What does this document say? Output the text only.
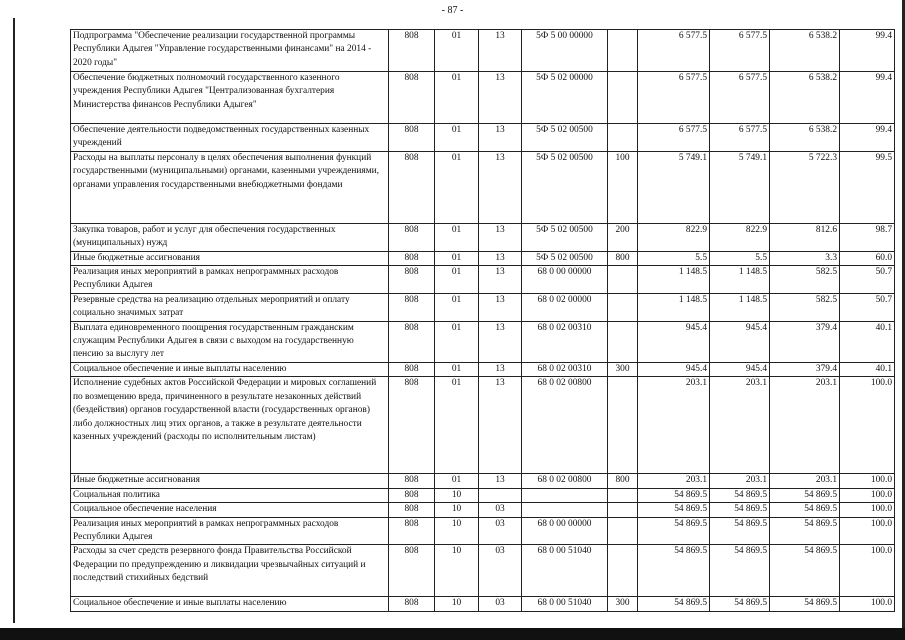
- 87 -
Подпрограмма "Обеспечение реализации государственной программы Республики Адыгея "Управление государственными финансами" на 2014 - 2020 годы"	808	01	13	5Ф 5 00 00000		6 577.5	6 577.5	6 538.2	99.4
Обеспечение бюджетных полномочий государственного казенного учреждения Республики Адыгея "Централизованная бухгалтерия Министерства финансов Республики Адыгея"	808	01	13	5Ф 5 02 00000		6 577.5	6 577.5	6 538.2	99.4
Обеспечение деятельности подведомственных государственных казенных учреждений	808	01	13	5Ф 5 02 00500		6 577.5	6 577.5	6 538.2	99.4
Расходы на выплаты персоналу в целях обеспечения выполнения функций государственными (муниципальными) органами, казенными учреждениями, органами управления государственными внебюджетными фондами	808	01	13	5Ф 5 02 00500	100	5 749.1	5 749.1	5 722.3	99.5
Закупка товаров, работ и услуг для обеспечения государственных (муниципальных) нужд	808	01	13	5Ф 5 02 00500	200	822.9	822.9	812.6	98.7
Иные бюджетные ассигнования	808	01	13	5Ф 5 02 00500	800	5.5	5.5	3.3	60.0
Реализация иных мероприятий в рамках непрограммных расходов Республики Адыгея	808	01	13	68 0 00 00000		1 148.5	1 148.5	582.5	50.7
Резервные средства на реализацию отдельных мероприятий и оплату социально значимых затрат	808	01	13	68 0 02 00000		1 148.5	1 148.5	582.5	50.7
Выплата единовременного поощрения государственным гражданским служащим Республики Адыгея в связи с выходом на государственную пенсию за выслугу лет	808	01	13	68 0 02 00310		945.4	945.4	379.4	40.1
Социальное обеспечение и иные выплаты населению	808	01	13	68 0 02 00310	300	945.4	945.4	379.4	40.1
Исполнение судебных актов Российской Федерации и мировых соглашений по возмещению вреда, причиненного в результате незаконных действий (бездействия) органов государственной власти (государственных органов) либо должностных лиц этих органов, а также в результате деятельности казенных учреждений (расходы по исполнительным листам)	808	01	13	68 0 02 00800		203.1	203.1	203.1	100.0
Иные бюджетные ассигнования	808	01	13	68 0 02 00800	800	203.1	203.1	203.1	100.0
Социальная политика	808	10				54 869.5	54 869.5	54 869.5	100.0
Социальное обеспечение населения	808	10	03			54 869.5	54 869.5	54 869.5	100.0
Реализация иных мероприятий в рамках непрограммных расходов Республики Адыгея	808	10	03	68 0 00 00000		54 869.5	54 869.5	54 869.5	100.0
Расходы за счет средств резервного фонда Правительства Российской Федерации по предупреждению и ликвидации чрезвычайных ситуаций и последствий стихийных бедствий	808	10	03	68 0 00 51040		54 869.5	54 869.5	54 869.5	100.0
Социальное обеспечение и иные выплаты населению	808	10	03	68 0 00 51040	300	54 869.5	54 869.5	54 869.5	100.0
